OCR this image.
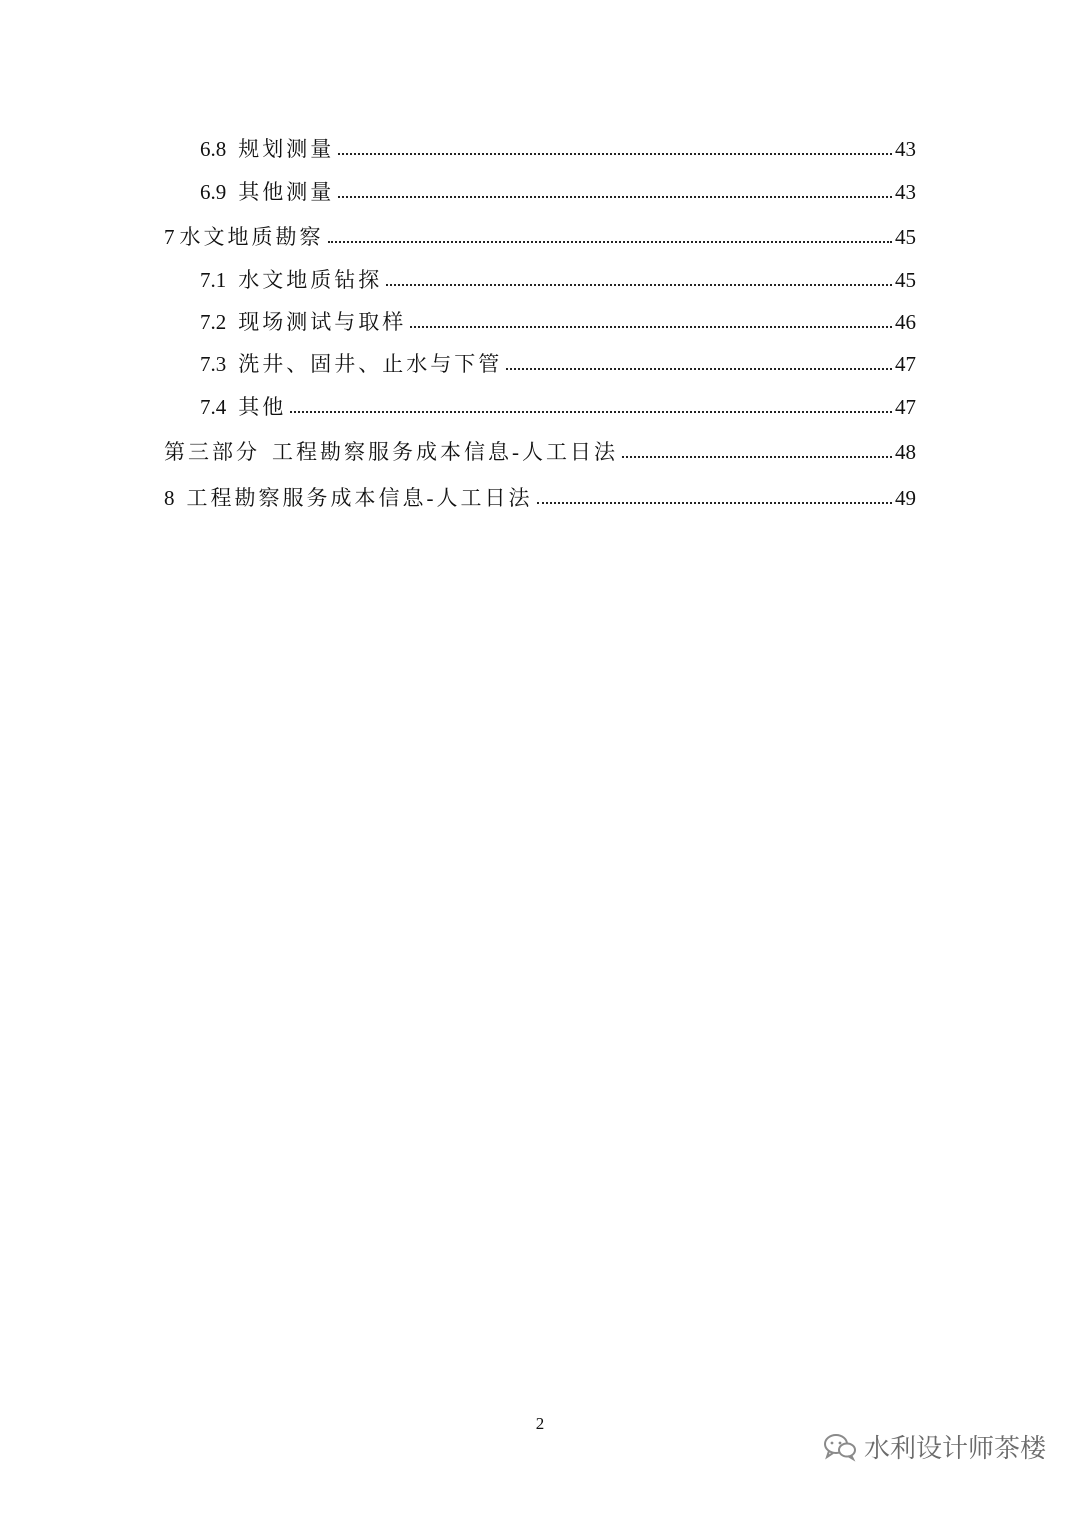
6.8 规划测量	43
6.9 其他测量	43
7 水文地质勘察	45
7.1 水文地质钻探	45
7.2 现场测试与取样	46
7.3 洗井、固井、止水与下管	47
7.4 其他	47
第三部分 工程勘察服务成本信息-人工日法	48
8 工程勘察服务成本信息-人工日法	49
2
水利设计师茶楼
